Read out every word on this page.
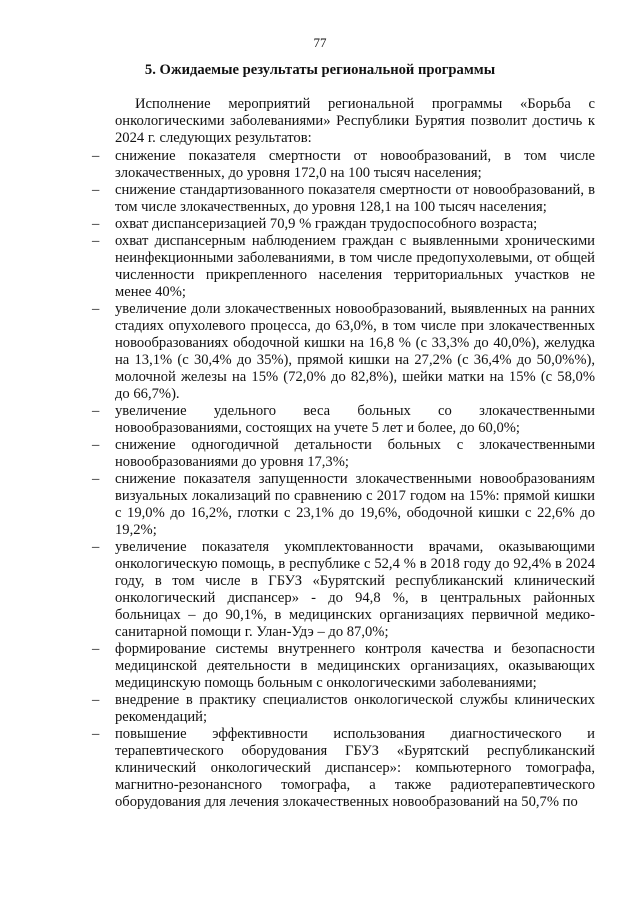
77
5. Ожидаемые результаты региональной программы

Исполнение мероприятий региональной программы «Борьба с онкологическими заболеваниями» Республики Бурятия позволит достичь к 2024 г. следующих результатов:

– снижение показателя смертности от новообразований, в том числе злокачественных, до уровня 172,0 на 100 тысяч населения;
– снижение стандартизованного показателя смертности от новообразований, в том числе злокачественных, до уровня 128,1 на 100 тысяч населения;
– охват диспансеризацией 70,9 % граждан трудоспособного возраста;
– охват диспансерным наблюдением граждан с выявленными хроническими неинфекционными заболеваниями, в том числе предопухолевыми, от общей численности прикрепленного населения территориальных участков не менее 40%;
– увеличение доли злокачественных новообразований, выявленных на ранних стадиях опухолевого процесса, до 63,0%, в том числе при злокачественных новообразованиях ободочной кишки на 16,8 % (с 33,3% до 40,0%), желудка на 13,1% (с 30,4% до 35%), прямой кишки на 27,2% (с 36,4% до 50,0%%), молочной железы на 15% (72,0% до 82,8%), шейки матки на 15% (с 58,0% до 66,7%).
– увеличение удельного веса больных со злокачественными новообразованиями, состоящих на учете 5 лет и более, до 60,0%;
– снижение одногодичной детальности больных с злокачественными новообразованиями до уровня 17,3%;
– снижение показателя запущенности злокачественными новообразованиям визуальных локализаций по сравнению с 2017 годом на 15%: прямой кишки с 19,0% до 16,2%, глотки с 23,1% до 19,6%, ободочной кишки с 22,6% до 19,2%;
– увеличение показателя укомплектованности врачами, оказывающими онкологическую помощь, в республике с 52,4 % в 2018 году до 92,4% в 2024 году, в том числе в ГБУЗ «Бурятский республиканский клинический онкологический диспансер» - до 94,8 %, в центральных районных больницах – до 90,1%, в медицинских организациях первичной медико-санитарной помощи г. Улан-Удэ – до 87,0%;
– формирование системы внутреннего контроля качества и безопасности медицинской деятельности в медицинских организациях, оказывающих медицинскую помощь больным с онкологическими заболеваниями;
– внедрение в практику специалистов онкологической службы клинических рекомендаций;
– повышение эффективности использования диагностического и терапевтического оборудования ГБУЗ «Бурятский республиканский клинический онкологический диспансер»: компьютерного томографа, магнитно-резонансного томографа, а также радиотерапевтического оборудования для лечения злокачественных новообразований на 50,7% по
